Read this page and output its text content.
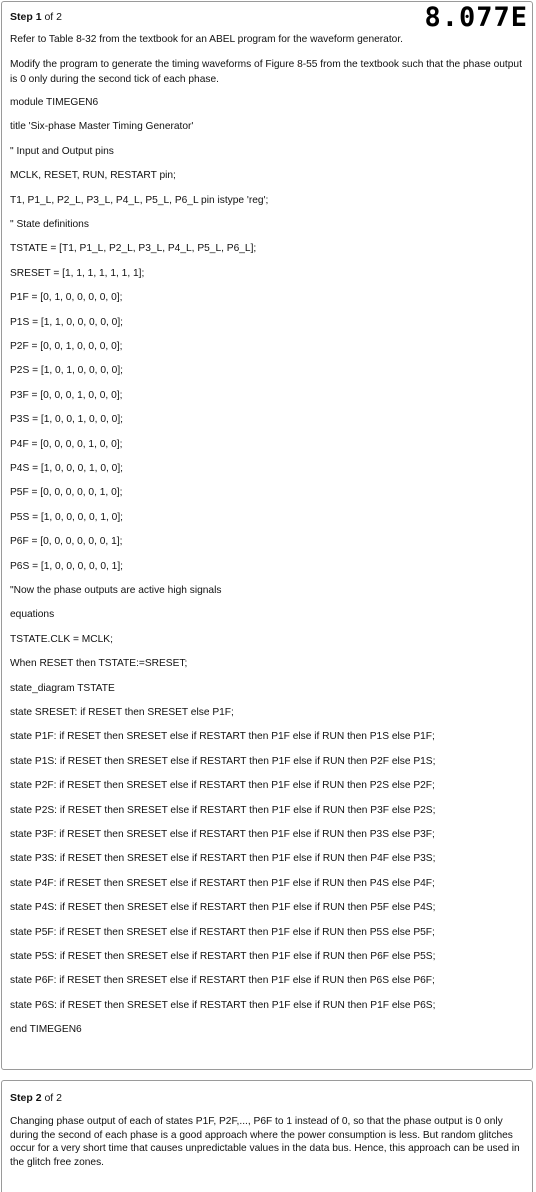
Step 1 of 2	8.077E
Refer to Table 8-32 from the textbook for an ABEL program for the waveform generator.
Modify the program to generate the timing waveforms of Figure 8-55 from the textbook such that the phase output is 0 only during the second tick of each phase.
module TIMEGEN6
title 'Six-phase Master Timing Generator'
" Input and Output pins
MCLK, RESET, RUN, RESTART pin;
T1, P1_L, P2_L, P3_L, P4_L, P5_L, P6_L pin istype 'reg';
" State definitions
TSTATE = [T1, P1_L, P2_L, P3_L, P4_L, P5_L, P6_L];
SRESET = [1, 1, 1, 1, 1, 1, 1];
P1F = [0, 1, 0, 0, 0, 0, 0];
P1S = [1, 1, 0, 0, 0, 0, 0];
P2F = [0, 0, 1, 0, 0, 0, 0];
P2S = [1, 0, 1, 0, 0, 0, 0];
P3F = [0, 0, 0, 1, 0, 0, 0];
P3S = [1, 0, 0, 1, 0, 0, 0];
P4F = [0, 0, 0, 0, 1, 0, 0];
P4S = [1, 0, 0, 0, 1, 0, 0];
P5F = [0, 0, 0, 0, 0, 1, 0];
P5S = [1, 0, 0, 0, 0, 1, 0];
P6F = [0, 0, 0, 0, 0, 0, 1];
P6S = [1, 0, 0, 0, 0, 0, 1];
"Now the phase outputs are active high signals
equations
TSTATE.CLK = MCLK;
When RESET then TSTATE:=SRESET;
state_diagram TSTATE
state SRESET: if RESET then SRESET else P1F;
state P1F: if RESET then SRESET else if RESTART then P1F else if RUN then P1S else P1F;
state P1S: if RESET then SRESET else if RESTART then P1F else if RUN then P2F else P1S;
state P2F: if RESET then SRESET else if RESTART then P1F else if RUN then P2S else P2F;
state P2S: if RESET then SRESET else if RESTART then P1F else if RUN then P3F else P2S;
state P3F: if RESET then SRESET else if RESTART then P1F else if RUN then P3S else P3F;
state P3S: if RESET then SRESET else if RESTART then P1F else if RUN then P4F else P3S;
state P4F: if RESET then SRESET else if RESTART then P1F else if RUN then P4S else P4F;
state P4S: if RESET then SRESET else if RESTART then P1F else if RUN then P5F else P4S;
state P5F: if RESET then SRESET else if RESTART then P1F else if RUN then P5S else P5F;
state P5S: if RESET then SRESET else if RESTART then P1F else if RUN then P6F else P5S;
state P6F: if RESET then SRESET else if RESTART then P1F else if RUN then P6S else P6F;
state P6S: if RESET then SRESET else if RESTART then P1F else if RUN then P1F else P6S;
end TIMEGEN6
Step 2 of 2
Changing phase output of each of states P1F, P2F,..., P6F to 1 instead of 0, so that the phase output is 0 only during the second of each phase is a good approach where the power consumption is less. But random glitches occur for a very short time that causes unpredictable values in the data bus. Hence, this approach can be used in the glitch free zones.
